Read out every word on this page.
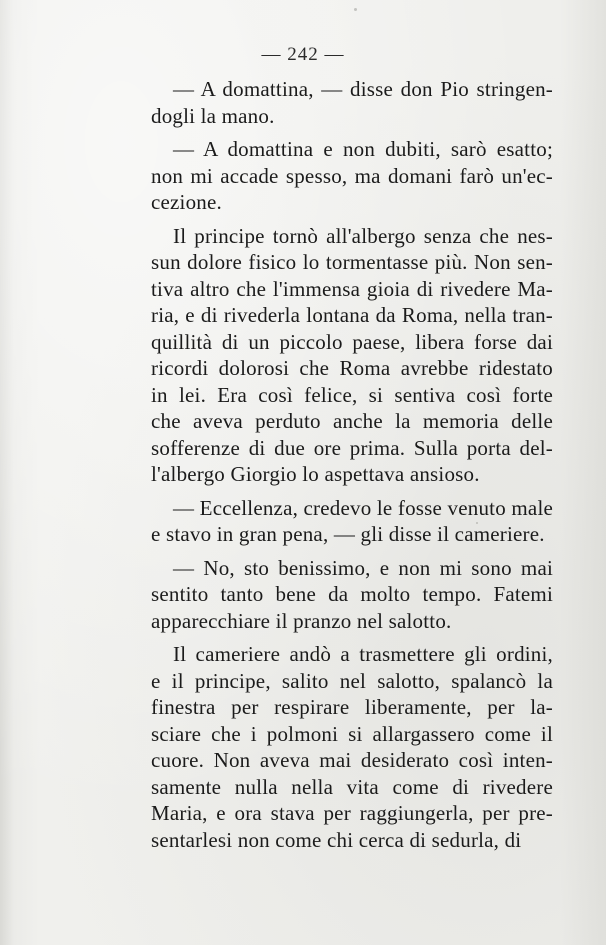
— 242 —
— A domattina, — disse don Pio stringen-
dogli la mano.
— A domattina e non dubiti, sarò esatto;
non mi accade spesso, ma domani farò un'ec-
cezione.
Il principe tornò all'albergo senza che nes-
sun dolore fisico lo tormentasse più. Non sen-
tiva altro che l'immensa gioia di rivedere Ma-
ria, e di rivederla lontana da Roma, nella tran-
quillità di un piccolo paese, libera forse dai
ricordi dolorosi che Roma avrebbe ridestato
in lei. Era così felice, si sentiva così forte
che aveva perduto anche la memoria delle
sofferenze di due ore prima. Sulla porta del-
l'albergo Giorgio lo aspettava ansioso.
— Eccellenza, credevo le fosse venuto male
e stavo in gran pena, — gli disse il cameriere.
— No, sto benissimo, e non mi sono mai
sentito tanto bene da molto tempo. Fatemi
apparecchiare il pranzo nel salotto.
Il cameriere andò a trasmettere gli ordini,
e il principe, salito nel salotto, spalancò la
finestra per respirare liberamente, per la-
sciare che i polmoni si allargassero come il
cuore. Non aveva mai desiderato così inten-
samente nulla nella vita come di rivedere
Maria, e ora stava per raggiungerla, per pre-
sentarlesi non come chi cerca di sedurla, di
